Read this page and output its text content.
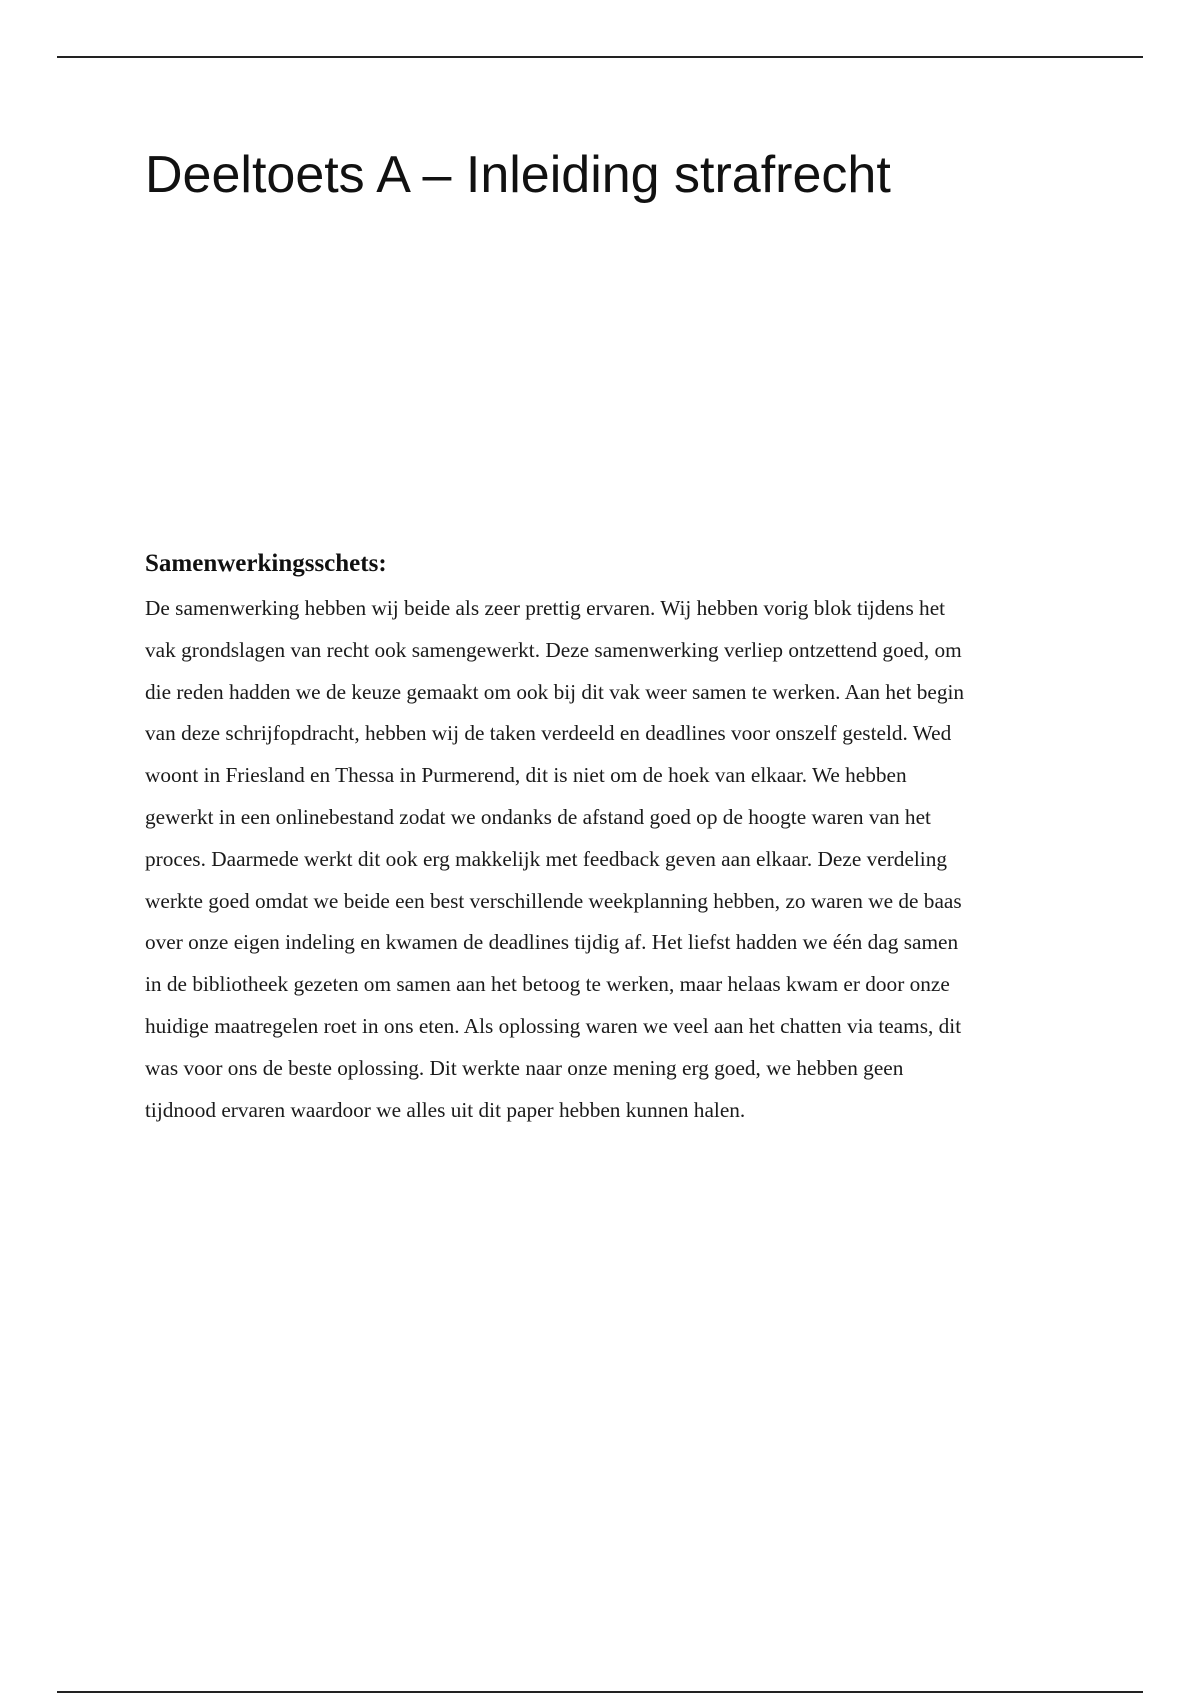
Deeltoets A – Inleiding strafrecht
Samenwerkingsschets:

De samenwerking hebben wij beide als zeer prettig ervaren. Wij hebben vorig blok tijdens het
vak grondslagen van recht ook samengewerkt. Deze samenwerking verliep ontzettend goed, om
die reden hadden we de keuze gemaakt om ook bij dit vak weer samen te werken. Aan het begin
van deze schrijfopdracht, hebben wij de taken verdeeld en deadlines voor onszelf gesteld. Wed
woont in Friesland en Thessa in Purmerend, dit is niet om de hoek van elkaar. We hebben
gewerkt in een onlinebestand zodat we ondanks de afstand goed op de hoogte waren van het
proces. Daarmede werkt dit ook erg makkelijk met feedback geven aan elkaar. Deze verdeling
werkte goed omdat we beide een best verschillende weekplanning hebben, zo waren we de baas
over onze eigen indeling en kwamen de deadlines tijdig af. Het liefst hadden we één dag samen
in de bibliotheek gezeten om samen aan het betoog te werken, maar helaas kwam er door onze
huidige maatregelen roet in ons eten. Als oplossing waren we veel aan het chatten via teams, dit
was voor ons de beste oplossing. Dit werkte naar onze mening erg goed, we hebben geen
tijdnood ervaren waardoor we alles uit dit paper hebben kunnen halen.
